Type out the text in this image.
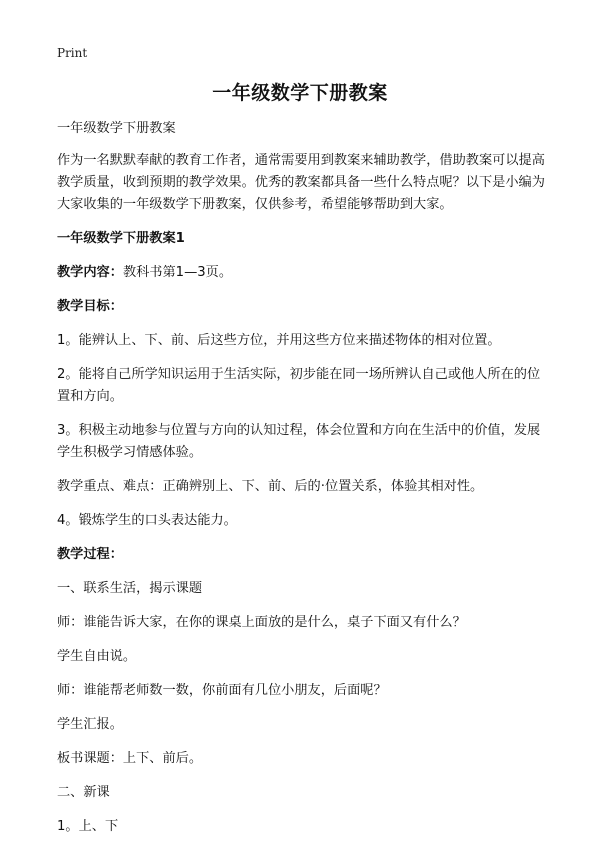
Print
一年级数学下册教案

一年级数学下册教案

作为一名默默奉献的教育工作者，通常需要用到教案来辅助教学，借助教案可以提高教学质量，收到预期的教学效果。优秀的教案都具备一些什么特点呢？以下是小编为大家收集的一年级数学下册教案，仅供参考，希望能够帮助到大家。

一年级数学下册教案1

教学内容：教科书第1—3页。

教学目标：

1。能辨认上、下、前、后这些方位，并用这些方位来描述物体的相对位置。

2。能将自己所学知识运用于生活实际，初步能在同一场所辨认自己或他人所在的位置和方向。

3。积极主动地参与位置与方向的认知过程，体会位置和方向在生活中的价值，发展学生积极学习情感体验。

教学重点、难点：正确辨别上、下、前、后的·位置关系，体验其相对性。

4。锻炼学生的口头表达能力。

教学过程：

一、联系生活，揭示课题

师：谁能告诉大家，在你的课桌上面放的是什么，桌子下面又有什么？

学生自由说。

师：谁能帮老师数一数，你前面有几位小朋友，后面呢？

学生汇报。

板书课题：上下、前后。

二、新课

1。上、下
